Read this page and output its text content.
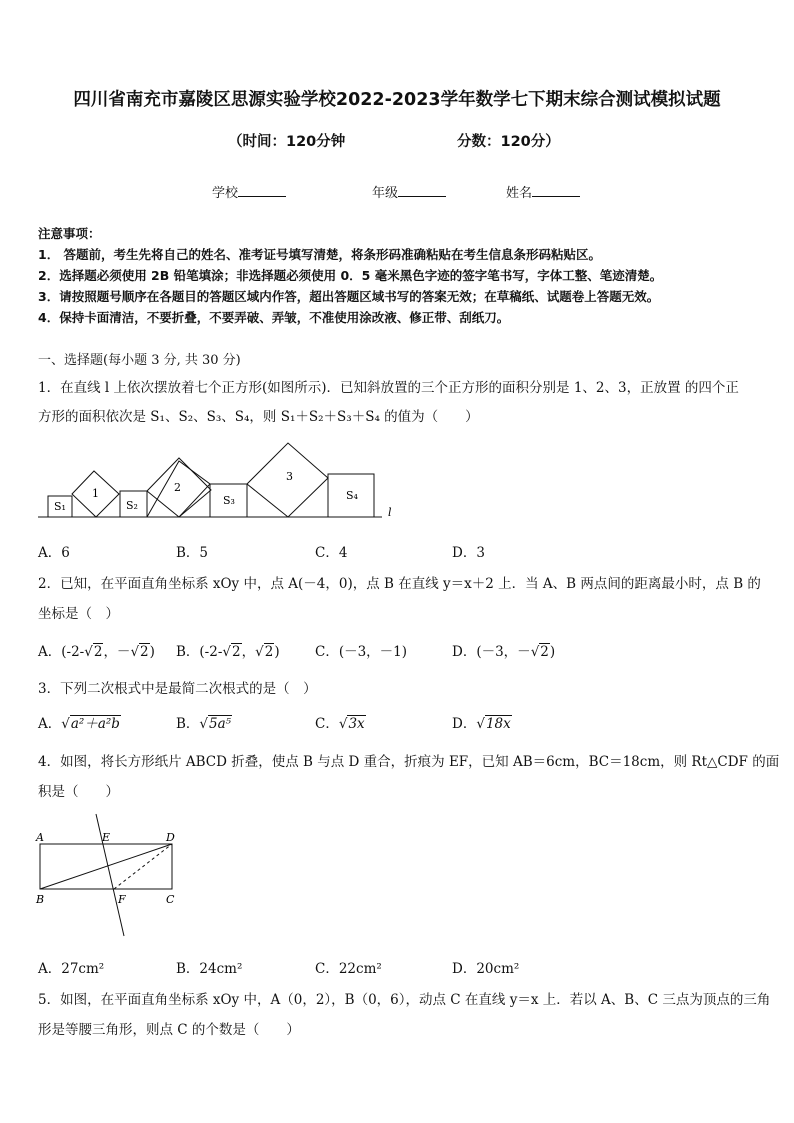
四川省南充市嘉陵区思源实验学校2022-2023学年数学七下期末综合测试模拟试题
（时间：120分钟	分数：120分）
学校	年级	姓名
注意事项：
1． 答题前，考生先将自己的姓名、准考证号填写清楚，将条形码准确粘贴在考生信息条形码粘贴区。
2．选择题必须使用 2B 铅笔填涂；非选择题必须使用 0．5 毫米黑色字迹的签字笔书写，字体工整、笔迹清楚。
3．请按照题号顺序在各题目的答题区域内作答，超出答题区域书写的答案无效；在草稿纸、试题卷上答题无效。
4．保持卡面清洁，不要折叠，不要弄破、弄皱，不准使用涂改液、修正带、刮纸刀。
一、选择题(每小题 3 分, 共 30 分)
1．在直线 l 上依次摆放着七个正方形(如图所示)．已知斜放置的三个正方形的面积分别是 1、2、3，正放置 的四个正
方形的面积依次是 S₁、S₂、S₃、S₄，则 S₁＋S₂＋S₃＋S₄ 的值为（　　）
S₁
1
S₂
2
S₃
3
S₄
l
A．6	B．5	C．4	D．3
2．已知，在平面直角坐标系 xOy 中，点 A(－4，0)，点 B 在直线 y＝x＋2 上．当 A、B 两点间的距离最小时，点 B 的
坐标是（　）
A．(-2-√2，－√2) B．(-2-√2，√2)	C．(－3，－1)	D．(－3，－√2)
3．下列二次根式中是最简二次根式的是（　）
A．√a²＋a²b	B．√5a⁵	C．√3x	D．√18x
4．如图，将长方形纸片 ABCD 折叠，使点 B 与点 D 重合，折痕为 EF，已知 AB＝6cm，BC＝18cm，则 Rt△CDF 的面
积是（　　）
A	E	D
B	F	C
A．27cm²	B．24cm²	C．22cm²	D．20cm²
5．如图，在平面直角坐标系 xOy 中，A（0，2），B（0，6），动点 C 在直线 y＝x 上．若以 A、B、C 三点为顶点的三角
形是等腰三角形，则点 C 的个数是（　　）
